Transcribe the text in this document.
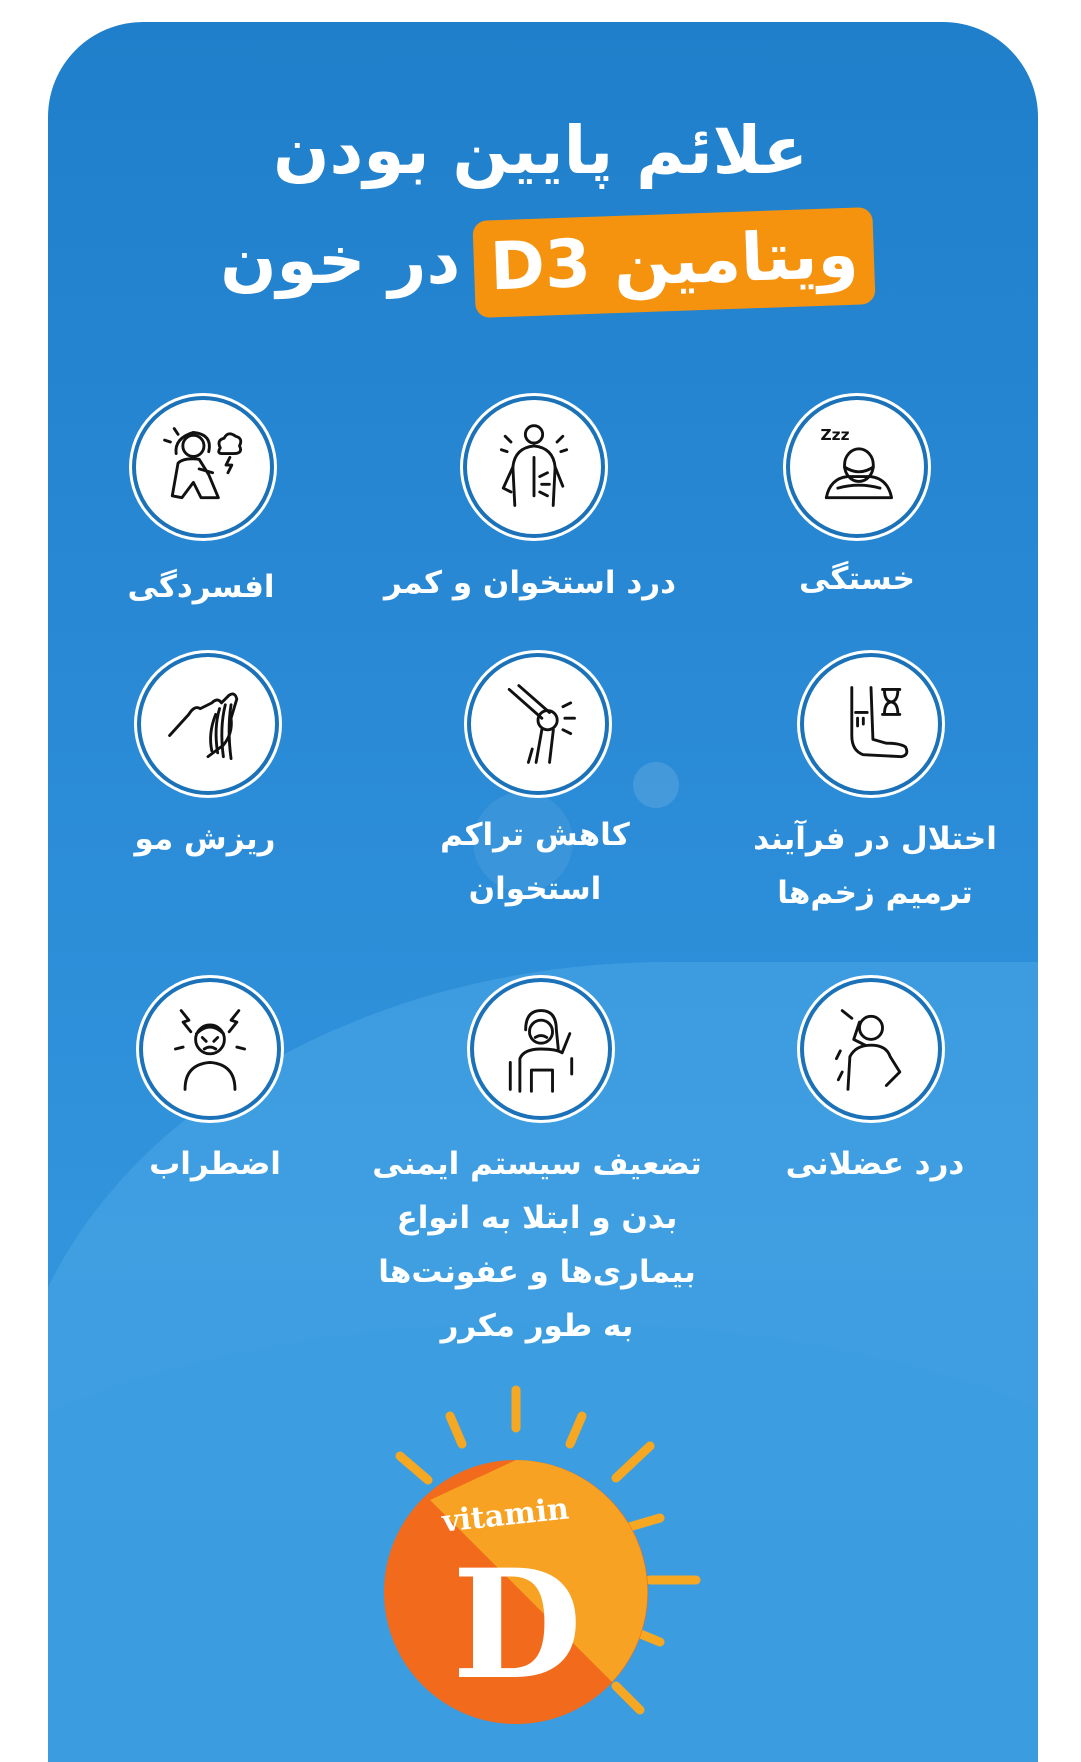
علائم پایین بودن
ویتامین D3در خون
Zzz
خستگی
درد استخوان و کمر
افسردگی
اختلال در فرآیند
ترمیم زخم‌ها
کاهش تراکم
استخوان
ریزش مو
درد عضلانی
تضعیف سیستم ایمنی
بدن و ابتلا به انواع
بیماری‌ها و عفونت‌ها
به طور مکرر
اضطراب
vitamin
D
